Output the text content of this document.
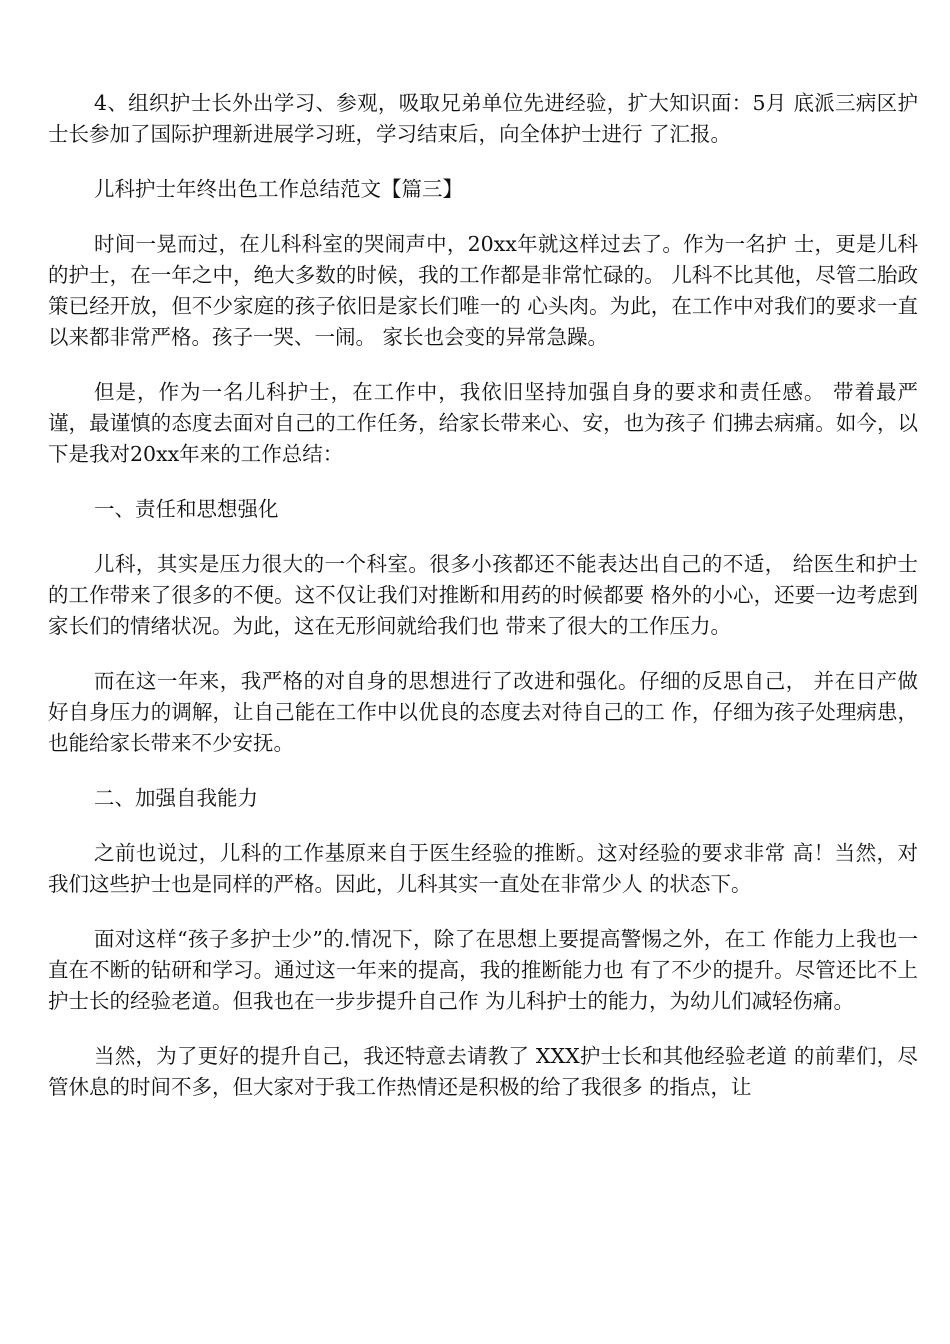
4、组织护士长外出学习、参观，吸取兄弟单位先进经验，扩大知识面：5月 底派三病区护士长参加了国际护理新进展学习班，学习结束后，向全体护士进行 了汇报。

儿科护士年终出色工作总结范文【篇三】

时间一晃而过，在儿科科室的哭闹声中，20xx年就这样过去了。作为一名护 士，更是儿科的护士，在一年之中，绝大多数的时候，我的工作都是非常忙碌的。 儿科不比其他，尽管二胎政策已经开放，但不少家庭的孩子依旧是家长们唯一的 心头肉。为此，在工作中对我们的要求一直以来都非常严格。孩子一哭、一闹。 家长也会变的异常急躁。

但是，作为一名儿科护士，在工作中，我依旧坚持加强自身的要求和责任感。 带着最严谨，最谨慎的态度去面对自己的工作任务，给家长带来心、安，也为孩子 们拂去病痛。如今，以下是我对20xx年来的工作总结：

一、责任和思想强化

儿科，其实是压力很大的一个科室。很多小孩都还不能表达出自己的不适， 给医生和护士的工作带来了很多的不便。这不仅让我们对推断和用药的时候都要 格外的小心，还要一边考虑到家长们的情绪状况。为此，这在无形间就给我们也 带来了很大的工作压力。

而在这一年来，我严格的对自身的思想进行了改进和强化。仔细的反思自己， 并在日产做好自身压力的调解，让自己能在工作中以优良的态度去对待自己的工 作，仔细为孩子处理病患，也能给家长带来不少安抚。

二、加强自我能力

之前也说过，儿科的工作基原来自于医生经验的推断。这对经验的要求非常 高！当然，对我们这些护士也是同样的严格。因此，儿科其实一直处在非常少人 的状态下。

面对这样“孩子多护士少”的.情况下，除了在思想上要提高警惕之外，在工 作能力上我也一直在不断的钻研和学习。通过这一年来的提高，我的推断能力也 有了不少的提升。尽管还比不上护士长的经验老道。但我也在一步步提升自己作 为儿科护士的能力，为幼儿们减轻伤痛。

当然，为了更好的提升自己，我还特意去请教了 XXX护士长和其他经验老道 的前辈们，尽管休息的时间不多，但大家对于我工作热情还是积极的给了我很多 的指点，让
